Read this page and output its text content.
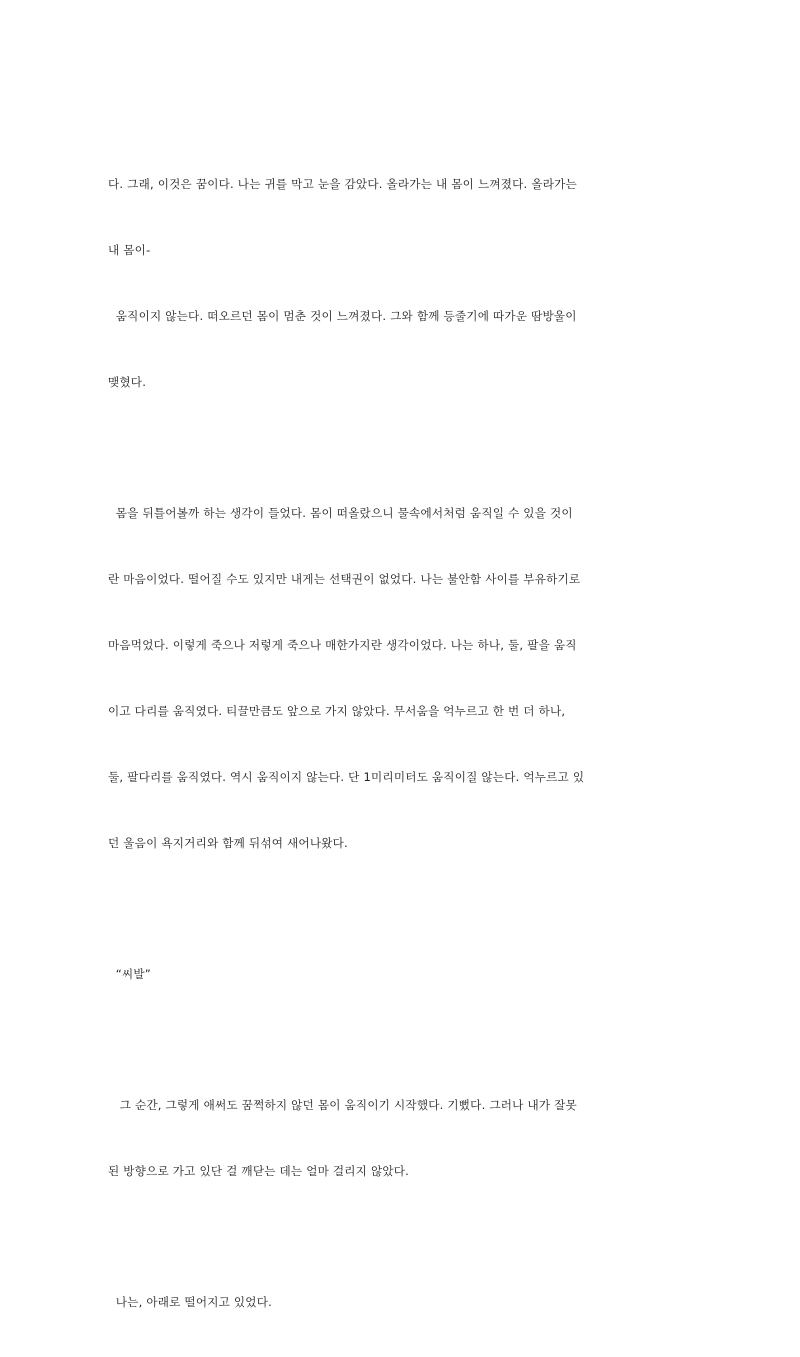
다. 그래, 이것은 꿈이다. 나는 귀를 막고 눈을 감았다. 올라가는 내 몸이 느껴졌다. 올라가는

내 몸이-

움직이지 않는다. 떠오르던 몸이 멈춘 것이 느껴졌다. 그와 함께 등줄기에 따가운 땀방울이

맺혔다.

몸을 뒤틀어볼까 하는 생각이 들었다. 몸이 떠올랐으니 물속에서처럼 움직일 수 있을 것이

란 마음이었다. 떨어질 수도 있지만 내게는 선택권이 없었다. 나는 불안함 사이를 부유하기로

마음먹었다. 이렇게 죽으나 저렇게 죽으나 매한가지란 생각이었다. 나는 하나, 둘, 팔을 움직

이고 다리를 움직였다. 티끌만큼도 앞으로 가지 않았다. 무서움을 억누르고 한 번 더 하나,

둘, 팔다리를 움직였다. 역시 움직이지 않는다. 단 1미리미터도 움직이질 않는다. 억누르고 있

던 울음이 욕지거리와 함께 뒤섞여 새어나왔다.

“씨발”

그 순간, 그렇게 애써도 꿈쩍하지 않던 몸이 움직이기 시작했다. 기뻤다. 그러나 내가 잘못

된 방향으로 가고 있단 걸 깨닫는 데는 얼마 걸리지 않았다.

나는, 아래로 떨어지고 있었다.
